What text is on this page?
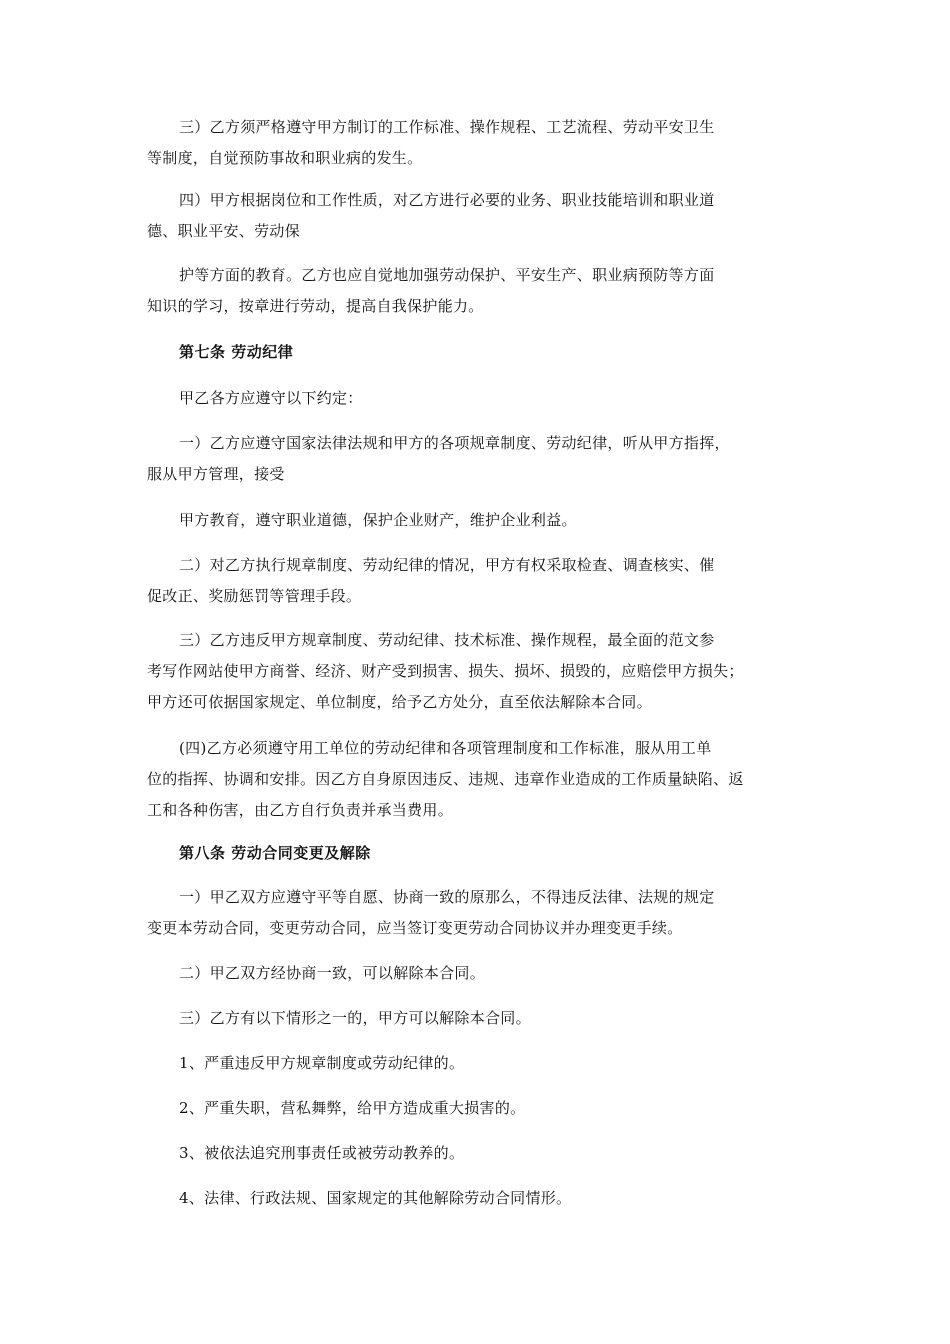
三）乙方须严格遵守甲方制订的工作标准、操作规程、工艺流程、劳动平安卫生
等制度，自觉预防事故和职业病的发生。

四）甲方根据岗位和工作性质，对乙方进行必要的业务、职业技能培训和职业道
德、职业平安、劳动保

护等方面的教育。乙方也应自觉地加强劳动保护、平安生产、职业病预防等方面
知识的学习，按章进行劳动，提高自我保护能力。

第七条 劳动纪律

甲乙各方应遵守以下约定：

一）乙方应遵守国家法律法规和甲方的各项规章制度、劳动纪律，听从甲方指挥，
服从甲方管理，接受

甲方教育，遵守职业道德，保护企业财产，维护企业利益。

二）对乙方执行规章制度、劳动纪律的情况，甲方有权采取检查、调查核实、催
促改正、奖励惩罚等管理手段。

三）乙方违反甲方规章制度、劳动纪律、技术标准、操作规程，最全面的范文参
考写作网站使甲方商誉、经济、财产受到损害、损失、损坏、损毁的，应赔偿甲方损失；
甲方还可依据国家规定、单位制度，给予乙方处分，直至依法解除本合同。

(四)乙方必须遵守用工单位的劳动纪律和各项管理制度和工作标准，服从用工单
位的指挥、协调和安排。因乙方自身原因违反、违规、违章作业造成的工作质量缺陷、返
工和各种伤害，由乙方自行负责并承当费用。

第八条 劳动合同变更及解除

一）甲乙双方应遵守平等自愿、协商一致的原那么，不得违反法律、法规的规定
变更本劳动合同，变更劳动合同，应当签订变更劳动合同协议并办理变更手续。

二）甲乙双方经协商一致，可以解除本合同。

三）乙方有以下情形之一的，甲方可以解除本合同。

1、严重违反甲方规章制度或劳动纪律的。

2、严重失职，营私舞弊，给甲方造成重大损害的。

3、被依法追究刑事责任或被劳动教养的。

4、法律、行政法规、国家规定的其他解除劳动合同情形。
